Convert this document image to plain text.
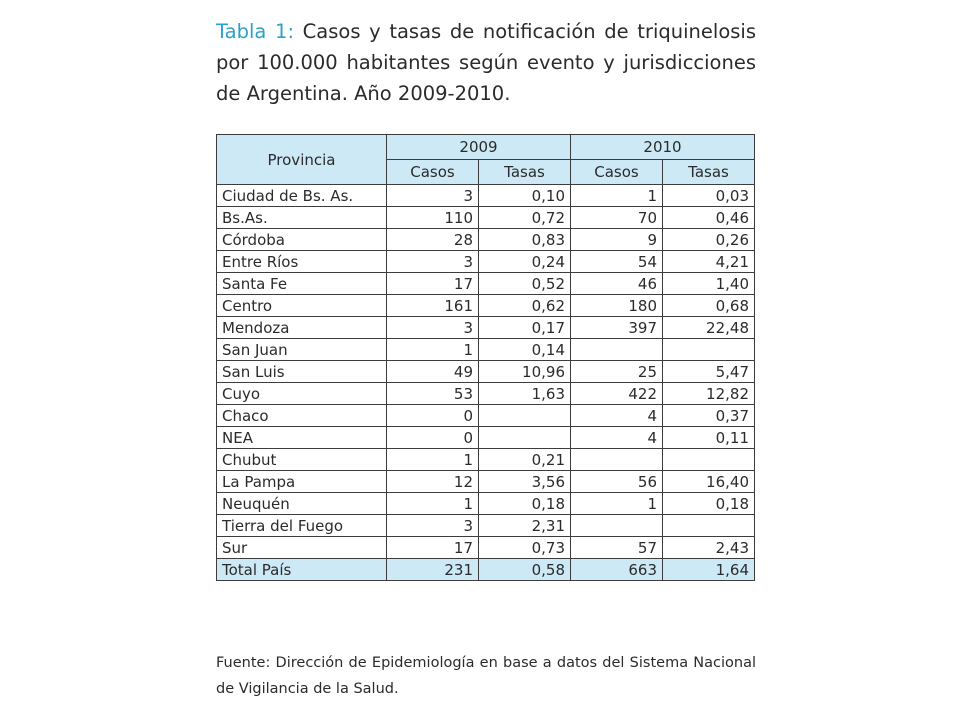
Tabla 1: Casos y tasas de notificación de triquinelosis por 100.000 habitantes según evento y jurisdicciones de Argentina. Año 2009-2010.
Provincia	2009		2010	
	Casos	Tasas	Casos	Tasas
Ciudad de Bs. As.	3	0,10	1	0,03
Bs.As.	110	0,72	70	0,46
Córdoba	28	0,83	9	0,26
Entre Ríos	3	0,24	54	4,21
Santa Fe	17	0,52	46	1,40
Centro	161	0,62	180	0,68
Mendoza	3	0,17	397	22,48
San Juan	1	0,14		
San Luis	49	10,96	25	5,47
Cuyo	53	1,63	422	12,82
Chaco	0		4	0,37
NEA	0		4	0,11
Chubut	1	0,21		
La Pampa	12	3,56	56	16,40
Neuquén	1	0,18	1	0,18
Tierra del Fuego	3	2,31		
Sur	17	0,73	57	2,43
Total País	231	0,58	663	1,64
Fuente: Dirección de Epidemiología en base a datos del Sistema Nacional de Vigilancia de la Salud.
